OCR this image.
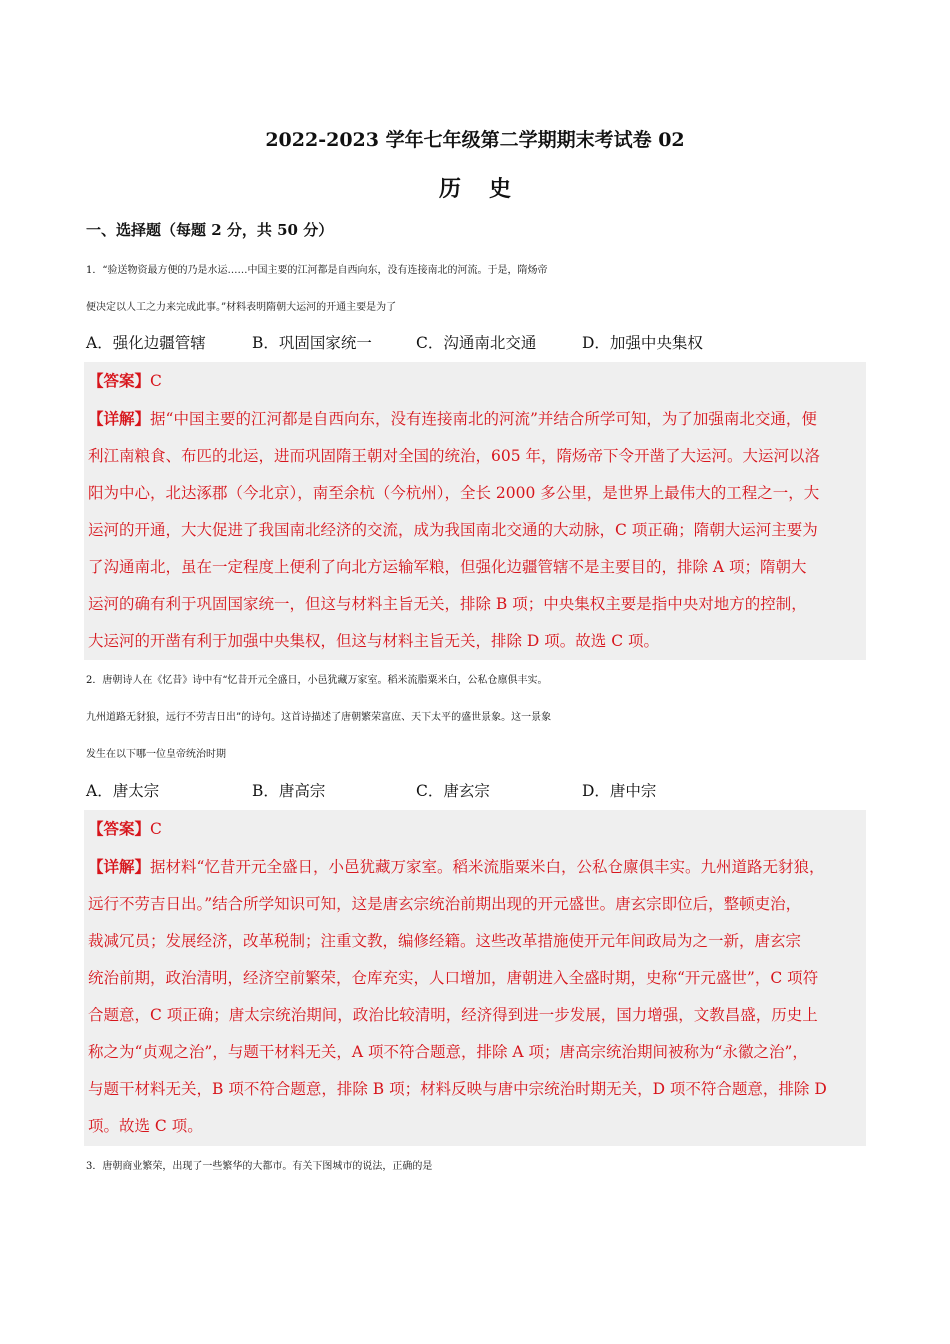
2022-2023 学年七年级第二学期期末考试卷 02
历史
一、选择题（每题 2 分，共 50 分）

1．“验送物资最方便的乃是水运……中国主要的江河都是自西向东，没有连接南北的河流。于是，隋炀帝

便决定以人工之力来完成此事。”材料表明隋朝大运河的开通主要是为了

A．强化边疆管辖	B．巩固国家统一	C．沟通南北交通	D．加强中央集权

【答案】C

【详解】据“中国主要的江河都是自西向东，没有连接南北的河流”并结合所学可知，为了加强南北交通，便

利江南粮食、布匹的北运，进而巩固隋王朝对全国的统治，605 年，隋炀帝下令开凿了大运河。大运河以洛

阳为中心，北达涿郡（今北京），南至余杭（今杭州），全长 2000 多公里，是世界上最伟大的工程之一，大

运河的开通，大大促进了我国南北经济的交流，成为我国南北交通的大动脉，C 项正确；隋朝大运河主要为

了沟通南北，虽在一定程度上便利了向北方运输军粮，但强化边疆管辖不是主要目的，排除 A 项；隋朝大

运河的确有利于巩固国家统一，但这与材料主旨无关，排除 B 项；中央集权主要是指中央对地方的控制，

大运河的开凿有利于加强中央集权，但这与材料主旨无关，排除 D 项。故选 C 项。

2．唐朝诗人在《忆昔》诗中有“忆昔开元全盛日，小邑犹藏万家室。稻米流脂粟米白，公私仓廪俱丰实。

九州道路无豺狼，远行不劳吉日出”的诗句。这首诗描述了唐朝繁荣富庶、天下太平的盛世景象。这一景象

发生在以下哪一位皇帝统治时期

A．唐太宗	B．唐高宗	C．唐玄宗	D．唐中宗

【答案】C

【详解】据材料“忆昔开元全盛日，小邑犹藏万家室。稻米流脂粟米白，公私仓廪俱丰实。九州道路无豺狼，

远行不劳吉日出。”结合所学知识可知，这是唐玄宗统治前期出现的开元盛世。唐玄宗即位后，整顿吏治，

裁减冗员；发展经济，改革税制；注重文教，编修经籍。这些改革措施使开元年间政局为之一新，唐玄宗

统治前期，政治清明，经济空前繁荣，仓库充实，人口增加，唐朝进入全盛时期，史称“开元盛世”，C 项符

合题意，C 项正确；唐太宗统治期间，政治比较清明，经济得到进一步发展，国力增强，文教昌盛，历史上

称之为“贞观之治”，与题干材料无关，A 项不符合题意，排除 A 项；唐高宗统治期间被称为“永徽之治”，

与题干材料无关，B 项不符合题意，排除 B 项；材料反映与唐中宗统治时期无关，D 项不符合题意，排除 D

项。故选 C 项。

3．唐朝商业繁荣，出现了一些繁华的大都市。有关下图城市的说法，正确的是
